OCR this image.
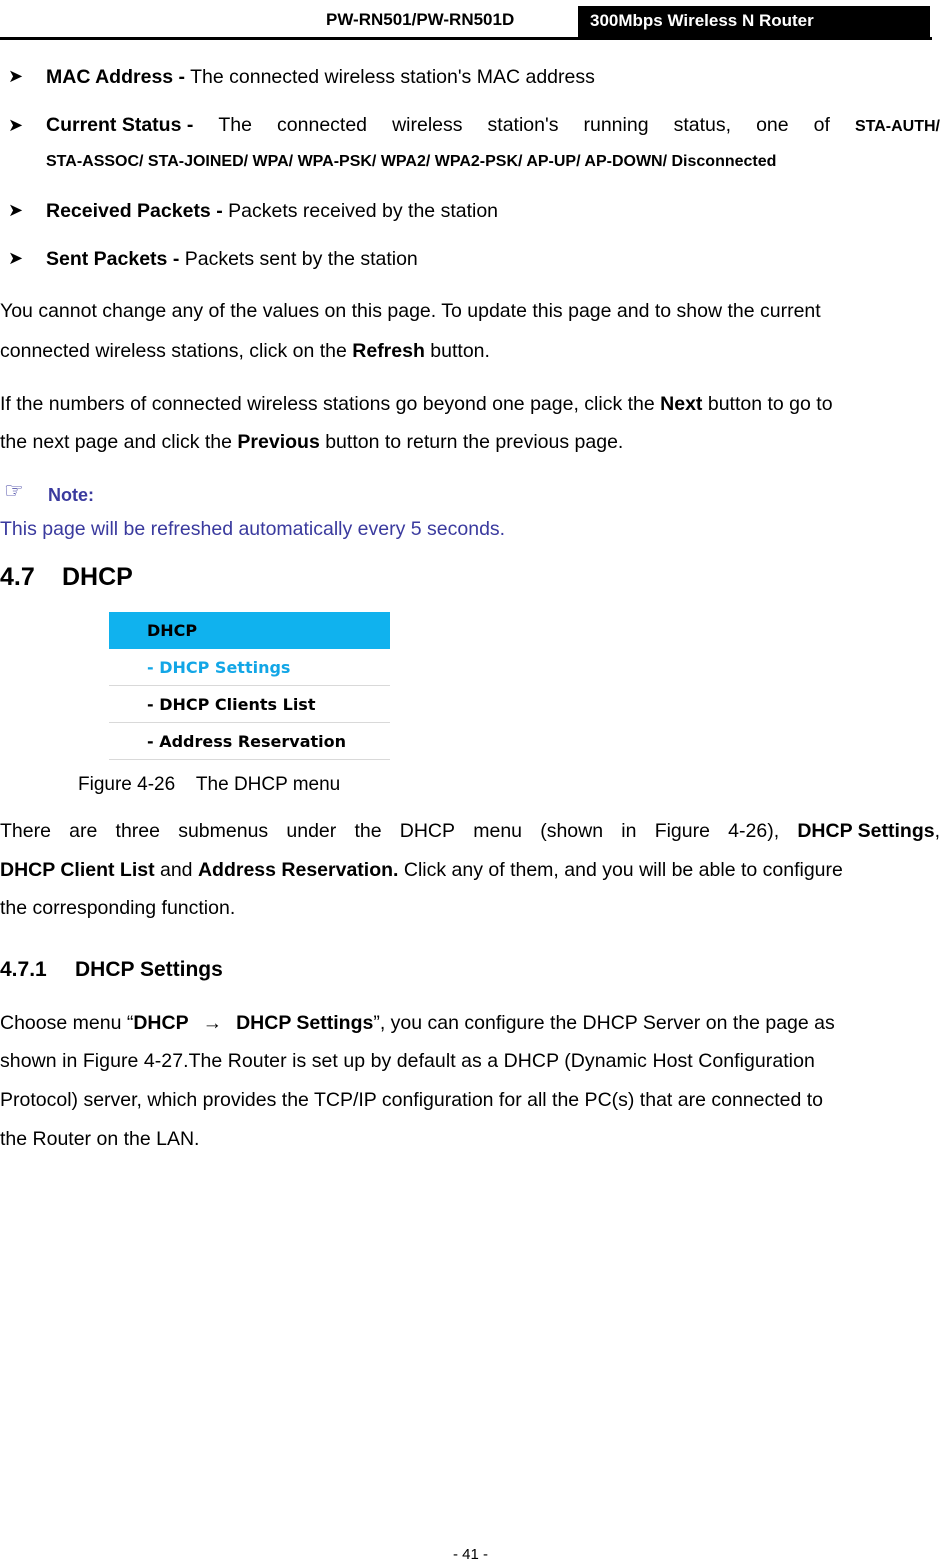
PW-RN501/PW-RN501D	300Mbps Wireless N Router
➤ MAC Address - The connected wireless station's MAC address
➤ Current Status - The connected wireless station's running status, one of STA-AUTH/
STA-ASSOC/ STA-JOINED/ WPA/ WPA-PSK/ WPA2/ WPA2-PSK/ AP-UP/ AP-DOWN/ Disconnected
➤ Received Packets - Packets received by the station
➤ Sent Packets - Packets sent by the station
You cannot change any of the values on this page. To update this page and to show the current
connected wireless stations, click on the Refresh button.
If the numbers of connected wireless stations go beyond one page, click the Next button to go to
the next page and click the Previous button to return the previous page.
☞ Note:
This page will be refreshed automatically every 5 seconds.
4.7 DHCP
DHCP
- DHCP Settings
- DHCP Clients List
- Address Reservation
Figure 4-26    The DHCP menu
There are three submenus under the DHCP menu (shown in Figure 4-26), DHCP Settings,
DHCP Client List and Address Reservation. Click any of them, and you will be able to configure
the corresponding function.
4.7.1 DHCP Settings
Choose menu “DHCP → DHCP Settings”, you can configure the DHCP Server on the page as
shown in Figure 4-27.The Router is set up by default as a DHCP (Dynamic Host Configuration
Protocol) server, which provides the TCP/IP configuration for all the PC(s) that are connected to
the Router on the LAN.
- 41 -
